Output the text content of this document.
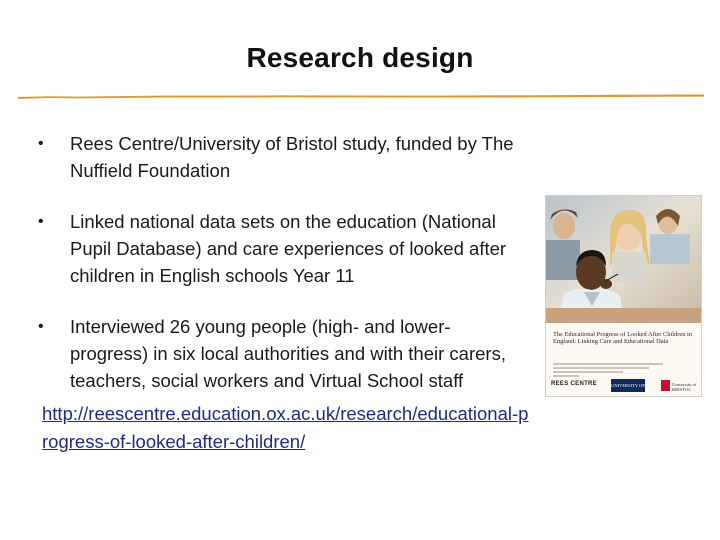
Research design
• Rees Centre/University of Bristol study, funded by The Nuffield Foundation
• Linked national data sets on the education (National Pupil Database) and care experiences of looked after children in English schools Year 11
• Interviewed 26 young people (high- and lower-progress) in six local authorities and with their carers, teachers, social workers and Virtual School staff
http://reescentre.education.ox.ac.uk/research/educational-progress-of-looked-after-children/
The Educational Progress of Looked After Children in England: Linking Care and Educational Data
REES CENTRE	UNIVERSITY OF OXFORD
University of BRISTOL
